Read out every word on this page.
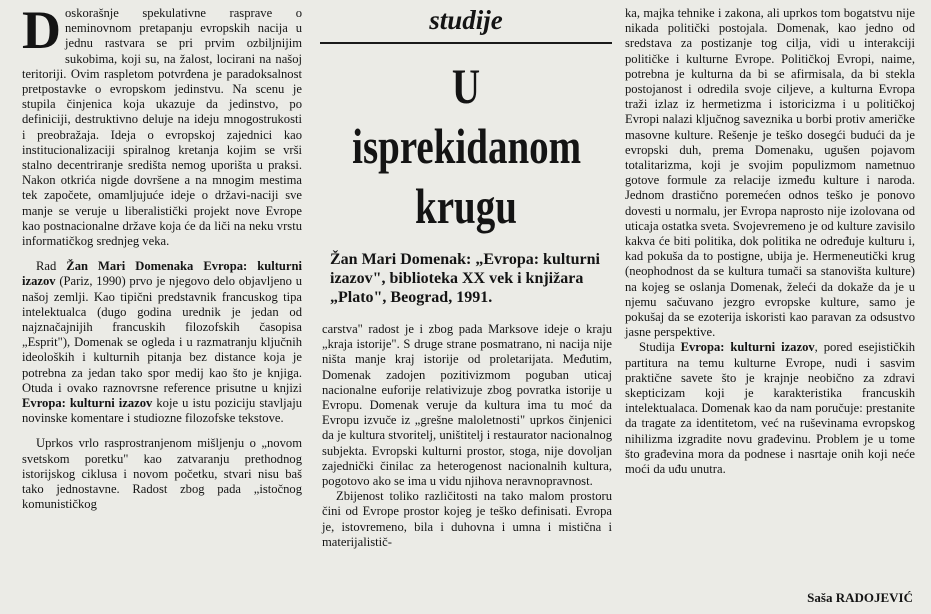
Doskorašnje spekulativne rasprave o neminovnom pretapanju evropskih nacija u jednu rastvara se pri prvim ozbiljnijim sukobima, koji su, na žalost, locirani na našoj teritoriji. Ovim raspletom potvrđena je paradoksalnost pretpostavke o evropskom jedinstvu. Na scenu je stupila činjenica koja ukazuje da jedinstvo, po definiciji, destruktivno deluje na ideju mnogostrukosti i preobražaja. Ideja o evropskoj zajednici kao institucionalizaciji spiralnog kretanja kojim se vrši stalno decentriranje središta nemog uporišta u praksi. Nakon otkrića nigde dovršene a na mnogim mestima tek započete, omamljujuće ideje o državi-naciji sve manje se veruje u liberalistički projekt nove Evrope kao postnacionalne države koja će da liči na neku vrstu informatičkog srednjeg veka.

Rad Žan Mari Domenaka Evropa: kulturni izazov (Pariz, 1990) prvo je njegovo delo objavljeno u našoj zemlji. Kao tipični predstavnik francuskog tipa intelektualca (dugo godina urednik je jedan od najznačajnijih francuskih filozofskih časopisa „Esprit"), Domenak se ogleda i u razmatranju ključnih ideoloških i kulturnih pitanja bez distance koja je potrebna za jedan tako spor medij kao što je knjiga. Otuda i ovako raznovrsne reference prisutne u knjizi Evropa: kulturni izazov koje u istu poziciju stavljaju novinske komentare i studiozne filozofske tekstove.

Uprkos vrlo rasprostranjenom mišljenju o „novom svetskom poretku" kao zatvaranju prethodnog istorijskog ciklusa i novom početku, stvari nisu baš tako jednostavne. Radost zbog pada „istočnog komunističkog

studije

U isprekidanom
krugu

Žan Mari Domenak: „Evropa: kulturni izazov", biblioteka XX vek i knjižara „Plato", Beograd, 1991.

carstva" radost je i zbog pada Marksove ideje o kraju „kraja istorije". S druge strane posmatrano, ni nacija nije ništa manje kraj istorije od proletarijata. Međutim, Domenak zadojen pozitivizmom poguban uticaj nacionalne euforije relativizuje zbog povratka istorije u Evropu. Domenak veruje da kultura ima tu moć da Evropu izvuče iz „grešne maloletnosti" uprkos činjenici da je kultura stvoritelj, uništitelj i restaurator nacionalnog subjekta. Evropski kulturni prostor, stoga, nije dovoljan zajednički činilac za heterogenost nacionalnih kultura, pogotovo ako se ima u vidu njihova neravnopravnost.

Zbijenost toliko različitosti na tako malom prostoru čini od Evrope prostor kojeg je teško definisati. Evropa je, istovremeno, bila i duhovna i umna i mistična i materijalistič-

ka, majka tehnike i zakona, ali uprkos tom bogatstvu nije nikada politički postojala. Domenak, kao jedno od sredstava za postizanje tog cilja, vidi u interakciji političke i kulturne Evrope. Političkoj Evropi, naime, potrebna je kulturna da bi se afirmisala, da bi stekla postojanost i odredila svoje ciljeve, a kulturna Evropa traži izlaz iz hermetizma i istoricizma i u političkoj Evropi nalazi ključnog saveznika u borbi protiv američke masovne kulture. Rešenje je teško dosegći budući da je evropski duh, prema Domenaku, ugušen pojavom totalitarizma, koji je svojim populizmom nametnuo gotove formule za relacije između kulture i naroda. Jednom drastično poremećen odnos teško je ponovo dovesti u normalu, jer Evropa naprosto nije izolovana od uticaja ostatka sveta. Svojevremeno je od kulture zavisilo kakva će biti politika, dok politika ne određuje kulturu i, kad pokuša da to postigne, ubija je. Hermeneutički krug (neophodnost da se kultura tumači sa stanovišta kulture) na kojeg se oslanja Domenak, želeći da dokaže da je u njemu sačuvano jezgro evropske kulture, samo je pokušaj da se ezoterija iskoristi kao paravan za odsustvo jasne perspektive.

Studija Evropa: kulturni izazov, pored esejističkih partitura na temu kulturne Evrope, nudi i sasvim praktične savete što je krajnje neobično za zdravi skepticizam koji je karakteristika francuskih intelektualaca. Domenak kao da nam poručuje: prestanite da tragate za identitetom, već na ruševinama evropskog nihilizma izgradite novu građevinu. Problem je u tome što građevina mora da podnese i nasrtaje onih koji neće moći da uđu unutra.

Saša RADOJEVIĆ
